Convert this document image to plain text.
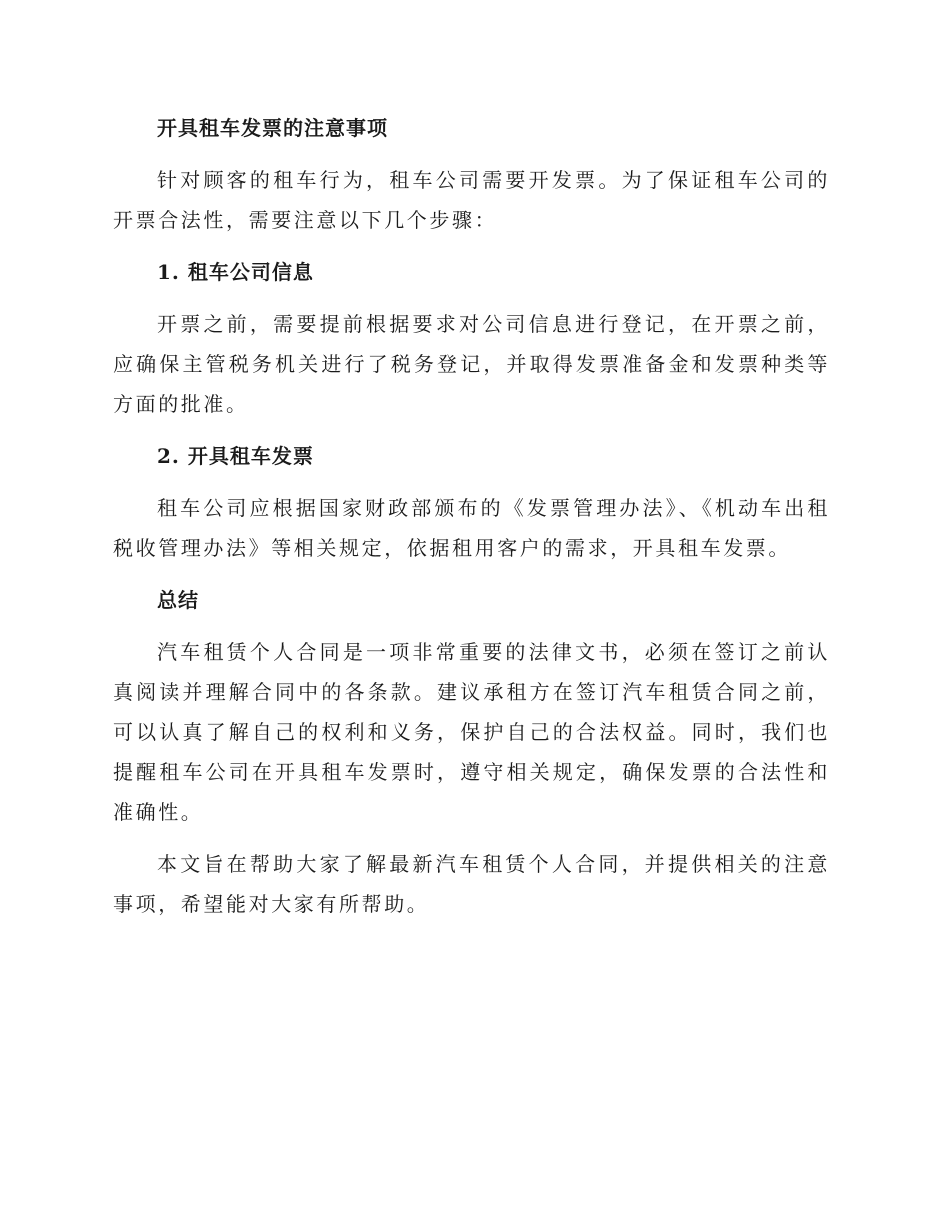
开具租车发票的注意事项

针对顾客的租车行为，租车公司需要开发票。为了保证租车公司的开票合法性，需要注意以下几个步骤：

1. 租车公司信息

开票之前，需要提前根据要求对公司信息进行登记，在开票之前，应确保主管税务机关进行了税务登记，并取得发票准备金和发票种类等方面的批准。

2. 开具租车发票

租车公司应根据国家财政部颁布的《发票管理办法》、《机动车出租税收管理办法》等相关规定，依据租用客户的需求，开具租车发票。

总结

汽车租赁个人合同是一项非常重要的法律文书，必须在签订之前认真阅读并理解合同中的各条款。建议承租方在签订汽车租赁合同之前，可以认真了解自己的权利和义务，保护自己的合法权益。同时，我们也提醒租车公司在开具租车发票时，遵守相关规定，确保发票的合法性和准确性。

本文旨在帮助大家了解最新汽车租赁个人合同，并提供相关的注意事项，希望能对大家有所帮助。
